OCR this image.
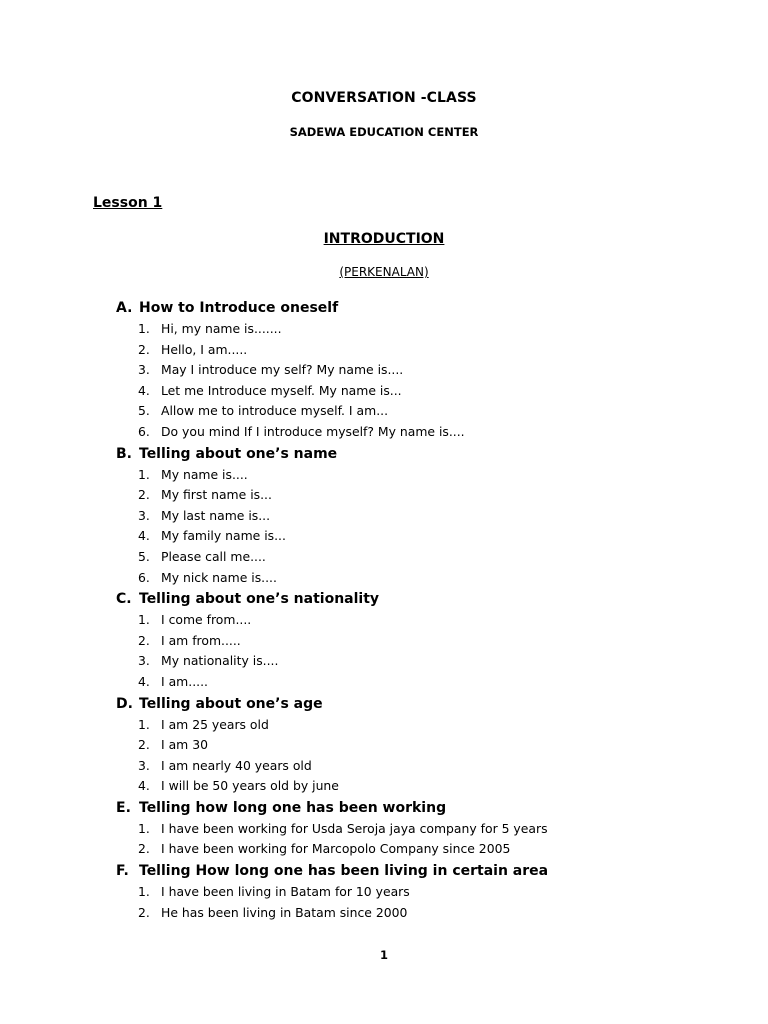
CONVERSATION -CLASS
SADEWA EDUCATION CENTER
Lesson 1
INTRODUCTION
(PERKENALAN)
A. How to Introduce oneself
1. Hi, my name is.......
2. Hello, I am.....
3. May I introduce my self? My name is....
4. Let me Introduce myself. My name is...
5. Allow me to introduce myself. I am...
6. Do you mind If I introduce myself? My name is....
B. Telling about one’s name
1. My name is....
2. My first name is...
3. My last name is...
4. My family name is...
5. Please call me....
6. My nick name is....
C. Telling about one’s nationality
1. I come from....
2. I am from.....
3. My nationality is....
4. I am.....
D. Telling about one’s age
1. I am 25 years old
2. I am 30
3. I am nearly 40 years old
4. I will be 50 years old by june
E. Telling how long one has been working
1. I have been working for Usda Seroja jaya company for 5 years
2. I have been working for Marcopolo Company since 2005
F. Telling How long one has been living in certain area
1. I have been living in Batam for 10 years
2. He has been living in Batam since 2000
1
